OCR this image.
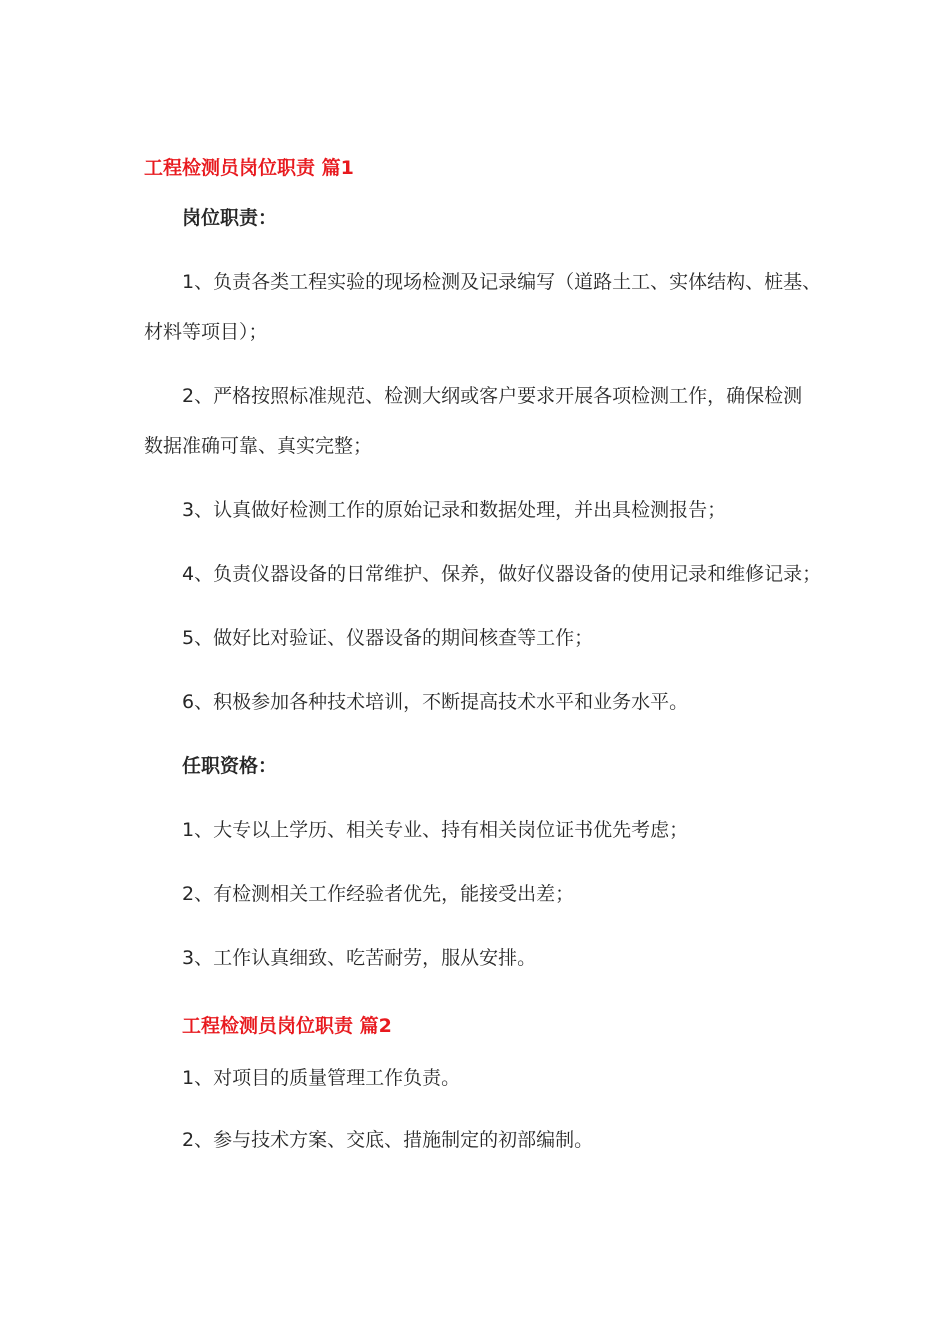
工程检测员岗位职责 篇1
岗位职责：
1、负责各类工程实验的现场检测及记录编写（道路土工、实体结构、桩基、
材料等项目）；
2、严格按照标准规范、检测大纲或客户要求开展各项检测工作，确保检测
数据准确可靠、真实完整；
3、认真做好检测工作的原始记录和数据处理，并出具检测报告；
4、负责仪器设备的日常维护、保养，做好仪器设备的使用记录和维修记录；
5、做好比对验证、仪器设备的期间核查等工作；
6、积极参加各种技术培训，不断提高技术水平和业务水平。
任职资格：
1、大专以上学历、相关专业、持有相关岗位证书优先考虑；
2、有检测相关工作经验者优先，能接受出差；
3、工作认真细致、吃苦耐劳，服从安排。
工程检测员岗位职责 篇2
1、对项目的质量管理工作负责。
2、参与技术方案、交底、措施制定的初部编制。
